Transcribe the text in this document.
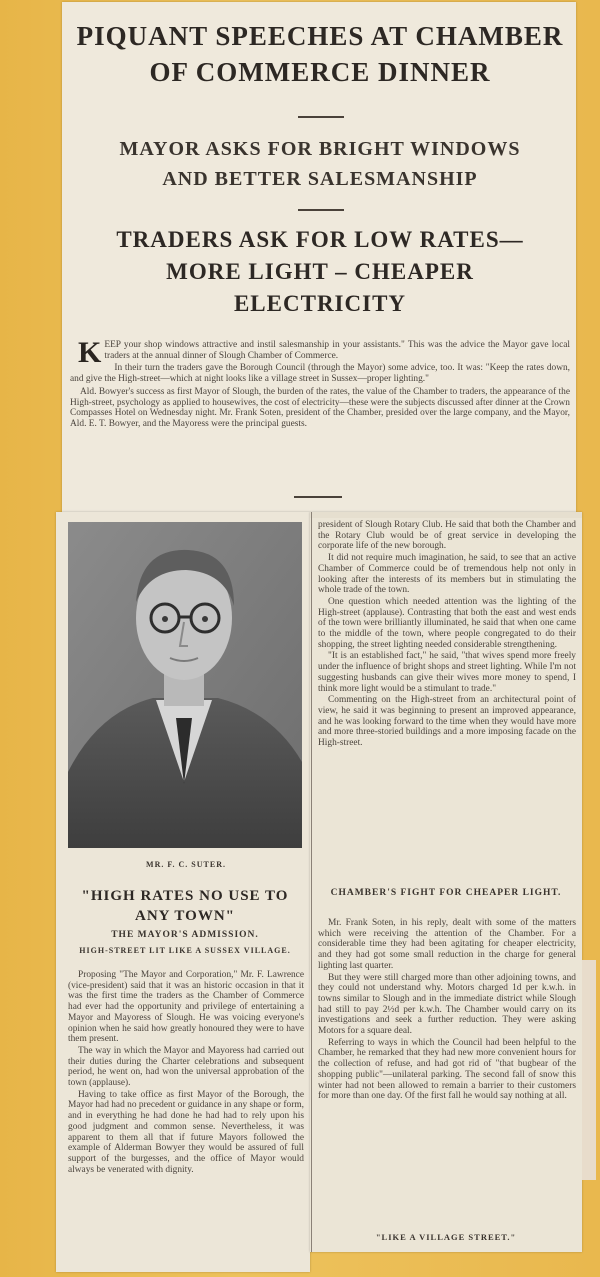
PIQUANT SPEECHES AT CHAMBER
OF COMMERCE DINNER
MAYOR ASKS FOR BRIGHT WINDOWS
AND BETTER SALESMANSHIP
TRADERS ASK FOR LOW RATES—
MORE LIGHT – CHEAPER
ELECTRICITY

KEEP your shop windows attractive and instil salesmanship in your assistants." This was the advice the Mayor gave local traders at the annual dinner of Slough Chamber of Commerce.

In their turn the traders gave the Borough Council (through the Mayor) some advice, too. It was: "Keep the rates down, and give the High-street—which at night looks like a village street in Sussex—proper lighting."

Ald. Bowyer's success as first Mayor of Slough, the burden of the rates, the value of the Chamber to traders, the appearance of the High-street, psychology as applied to housewives, the cost of electricity—these were the subjects discussed after dinner at the Crown Compasses Hotel on Wednesday night. Mr. Frank Soten, president of the Chamber, presided over the large company, and the Mayor, Ald. E. T. Bowyer, and the Mayoress were the principal guests.

MR. F. C. SUTER.
"HIGH RATES NO USE TO ANY TOWN"
THE MAYOR'S ADMISSION.
HIGH-STREET LIT LIKE A SUSSEX VILLAGE.

Proposing "The Mayor and Corporation," Mr. F. Lawrence (vice-president) said that it was an historic occasion in that it was the first time the traders as the Chamber of Commerce had ever had the opportunity and privilege of entertaining a Mayor and Mayoress of Slough. He was voicing everyone's opinion when he said how greatly honoured they were to have them present.

The way in which the Mayor and Mayoress had carried out their duties during the Charter celebrations and subsequent period, he went on, had won the universal approbation of the town (applause).

Having to take office as first Mayor of the Borough, the Mayor had had no precedent or guidance in any shape or form, and in everything he had done he had had to rely upon his good judgment and common sense. Nevertheless, it was apparent to them all that if future Mayors followed the example of Alderman Bowyer they would be assured of full support of the burgesses, and the office of Mayor would always be venerated with dignity.

president of Slough Rotary Club. He said that both the Chamber and the Rotary Club would be of great service in developing the corporate life of the new borough.

It did not require much imagination, he said, to see that an active Chamber of Commerce could be of tremendous help not only in looking after the interests of its members but in stimulating the whole trade of the town.

One question which needed attention was the lighting of the High-street (applause). Contrasting that both the east and west ends of the town were brilliantly illuminated, he said that when one came to the middle of the town, where people congregated to do their shopping, the street lighting needed considerable strengthening.

"It is an established fact," he said, "that wives spend more freely under the influence of bright shops and street lighting. While I'm not suggesting husbands can give their wives more money to spend, I think more light would be a stimulant to trade."

Commenting on the High-street from an architectural point of view, he said it was beginning to present an improved appearance, and he was looking forward to the time when they would have more and more three-storied buildings and a more imposing facade on the High-street.

CHAMBER'S FIGHT FOR CHEAPER LIGHT.

Mr. Frank Soten, in his reply, dealt with some of the matters which were receiving the attention of the Chamber. For a considerable time they had been agitating for cheaper electricity, and they had got some small reduction in the charge for general lighting last quarter.

But they were still charged more than other adjoining towns, and they could not understand why. Motors charged 1d per k.w.h. in towns similar to Slough and in the immediate district while Slough had still to pay 2½d per k.w.h. The Chamber would carry on its investigations and seek a further reduction. They were asking Motors for a square deal.

Referring to ways in which the Council had been helpful to the Chamber, he remarked that they had new more convenient hours for the collection of refuse, and had got rid of "that bugbear of the shopping public"—unilateral parking. The second fall of snow this winter had not been allowed to remain a barrier to their customers for more than one day. Of the first fall he would say nothing at all.

"LIKE A VILLAGE STREET."
